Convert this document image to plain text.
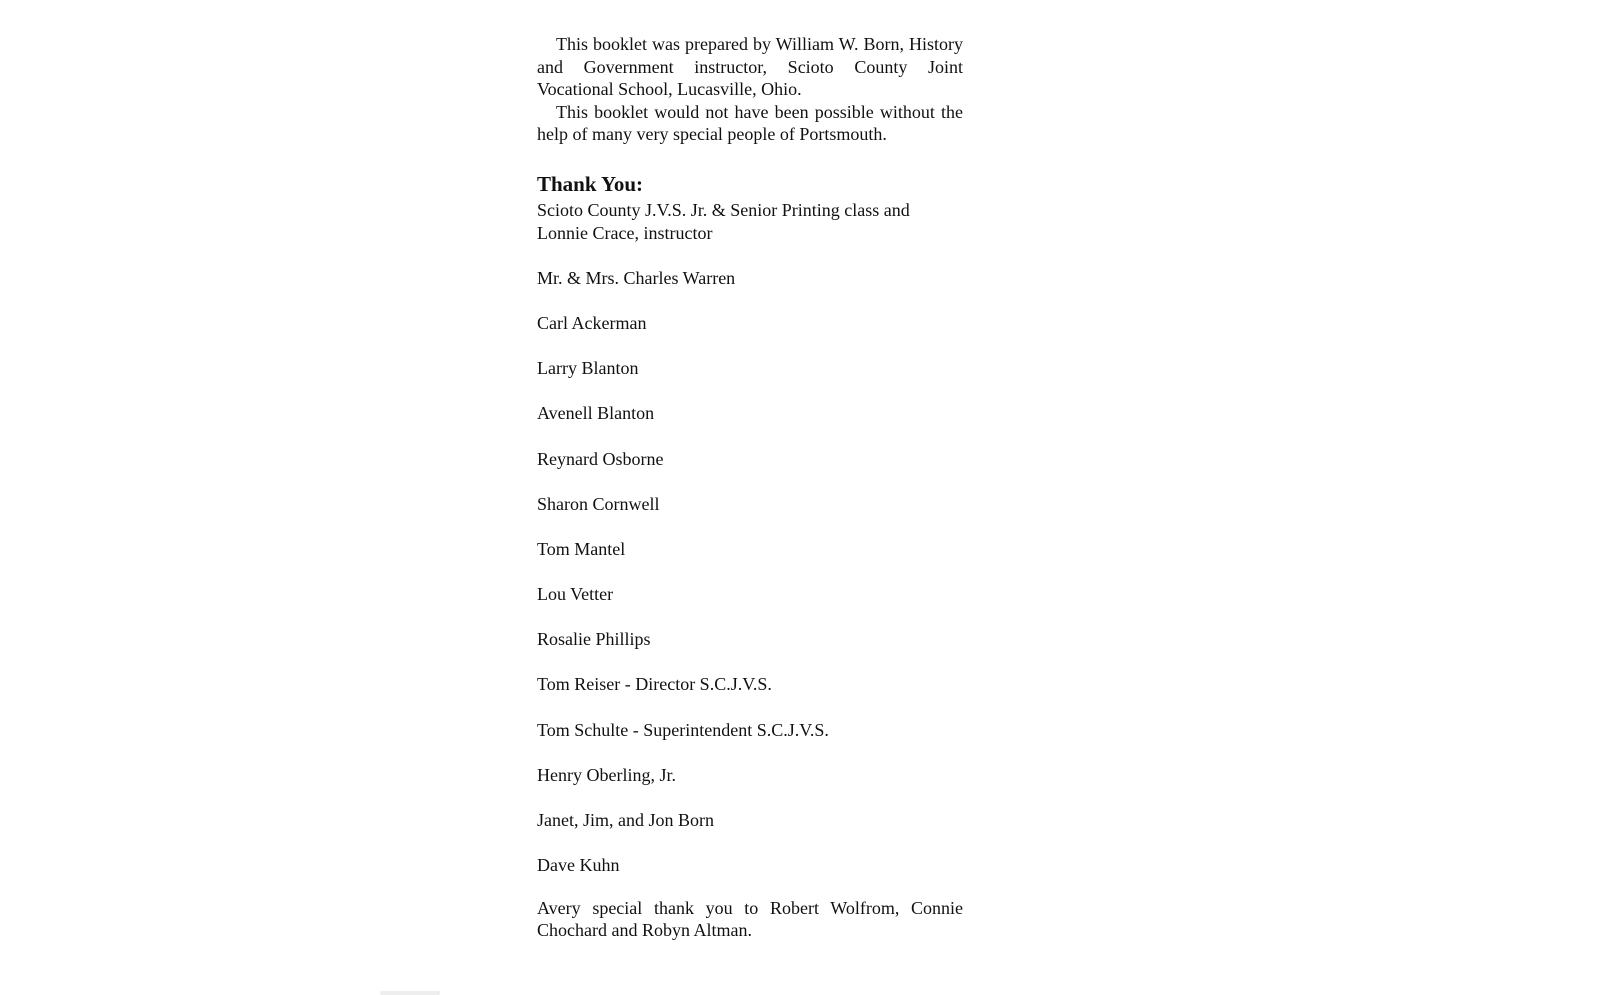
This booklet was prepared by William W. Born, History and Government instructor, Scioto County Joint Vocational School, Lucasville, Ohio.

This booklet would not have been possible without the help of many very special people of Portsmouth.

Thank You:

Scioto County J.V.S. Jr. & Senior Printing class and Lonnie Crace, instructor

Mr. & Mrs. Charles Warren
Carl Ackerman
Larry Blanton
Avenell Blanton
Reynard Osborne
Sharon Cornwell
Tom Mantel
Lou Vetter
Rosalie Phillips
Tom Reiser - Director S.C.J.V.S.
Tom Schulte - Superintendent S.C.J.V.S.
Henry Oberling, Jr.
Janet, Jim, and Jon Born
Dave Kuhn

Avery special thank you to Robert Wolfrom, Connie Chochard and Robyn Altman.
